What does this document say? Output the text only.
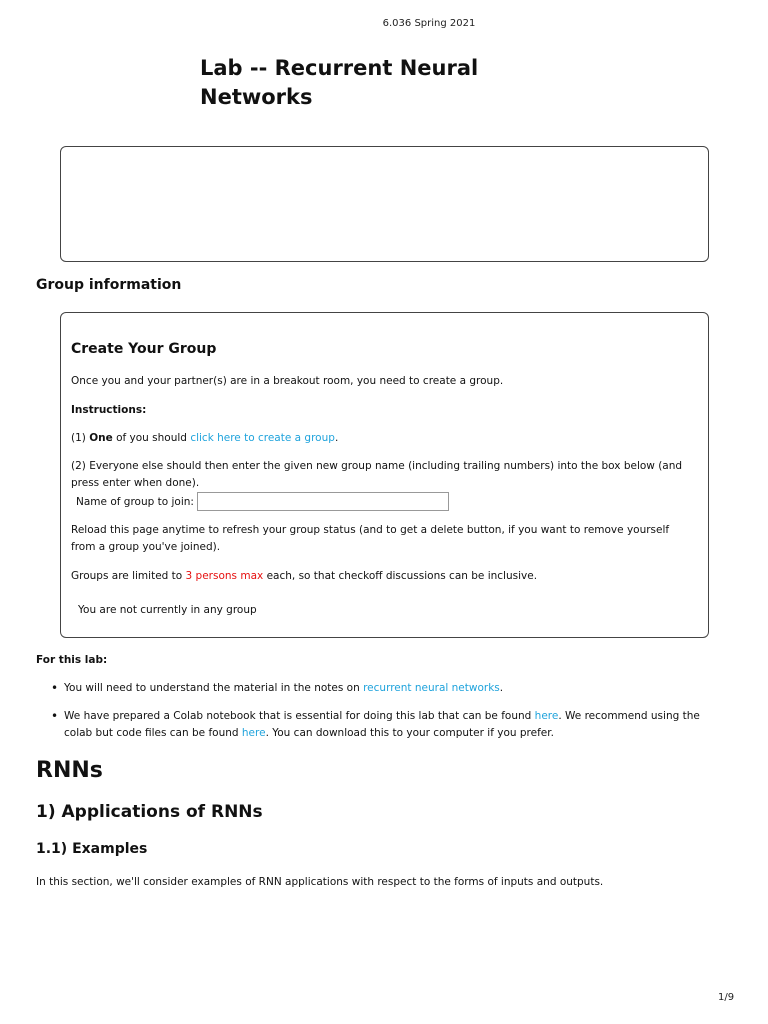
6.036 Spring 2021
Lab -- Recurrent Neural Networks
Group information
Create Your Group
Once you and your partner(s) are in a breakout room, you need to create a group.
Instructions:
(1) One of you should click here to create a group.
(2) Everyone else should then enter the given new group name (including trailing numbers) into the box below (and press enter when done).
Name of group to join:
Reload this page anytime to refresh your group status (and to get a delete button, if you want to remove yourself from a group you've joined).
Groups are limited to 3 persons max each, so that checkoff discussions can be inclusive.
You are not currently in any group
For this lab:
• You will need to understand the material in the notes on recurrent neural networks.
• We have prepared a Colab notebook that is essential for doing this lab that can be found here. We recommend using the colab but code files can be found here. You can download this to your computer if you prefer.
RNNs
1) Applications of RNNs
1.1) Examples
In this section, we'll consider examples of RNN applications with respect to the forms of inputs and outputs.
1/9
